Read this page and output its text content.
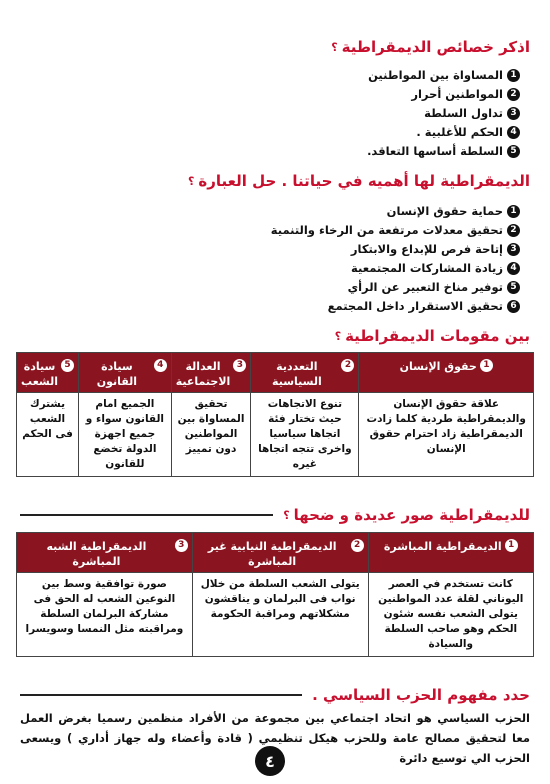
اذكر خصائص الديمقراطية
؟
1
المساواة بين المواطنين
2
المواطنين أحرار
3
تداول السلطة
4
الحكم للأغلبية .
5
السلطة أساسها التعاقد.
الديمقراطية لها أهميه في حياتنا . حل العبارة
؟
1
حماية حقوق الإنسان
2
تحقيق معدلات مرتفعة من الرخاء والتنمية
3
إتاحة فرص للإبداع والابتكار
4
زيادة المشاركات المجتمعية
5
توفير مناخ التعبير عن الرأي
6
تحقيق الاستقرار داخل المجتمع
بين مقومات الديمقراطية
؟
1
حقوق الإنسان	2
التعددية السياسية	3
العدالة الاجتماعية	4
سيادة القانون	5
سيادة الشعب

علاقة حقوق الإنسان والديمقراطية طردية كلما زادت الديمقراطية زاد احترام حقوق الإنسان	تنوع الاتجاهات حيث تختار فئة اتجاها سياسيا واخرى تتجه اتجاها غيره	تحقيق المساواة بين المواطنين دون تمييز	الجميع امام القانون سواء و جميع اجهزة الدولة تخضع للقانون	يشترك الشعب فى الحكم
للديمقراطية صور عديدة و ضحها
؟
1
الديمقراطية المباشرة	2
الديمقراطية النيابية غير المباشرة	3
الديمقراطية الشبه المباشرة

كانت تستخدم في العصر اليوناني لقلة عدد المواطنين يتولى الشعب نفسه شئون الحكم وهو صاحب السلطة والسيادة	يتولى الشعب السلطة من خلال نواب فى البرلمان و يناقشون مشكلاتهم ومراقبة الحكومة	صورة توافقية وسط بين النوعين الشعب له الحق فى مشاركة البرلمان السلطة ومراقبته مثل النمسا وسويسرا
حدد مفهوم الحزب السياسي .

الحزب السياسي هو اتحاد اجتماعي بين مجموعة من الأفراد منظمين رسميا بغرض العمل معا لتحقيق مصالح عامة وللحزب هيكل تنظيمي ( قادة وأعضاء وله جهاز أداري ) ويسعى الحزب الي توسيع دائرة

٤
